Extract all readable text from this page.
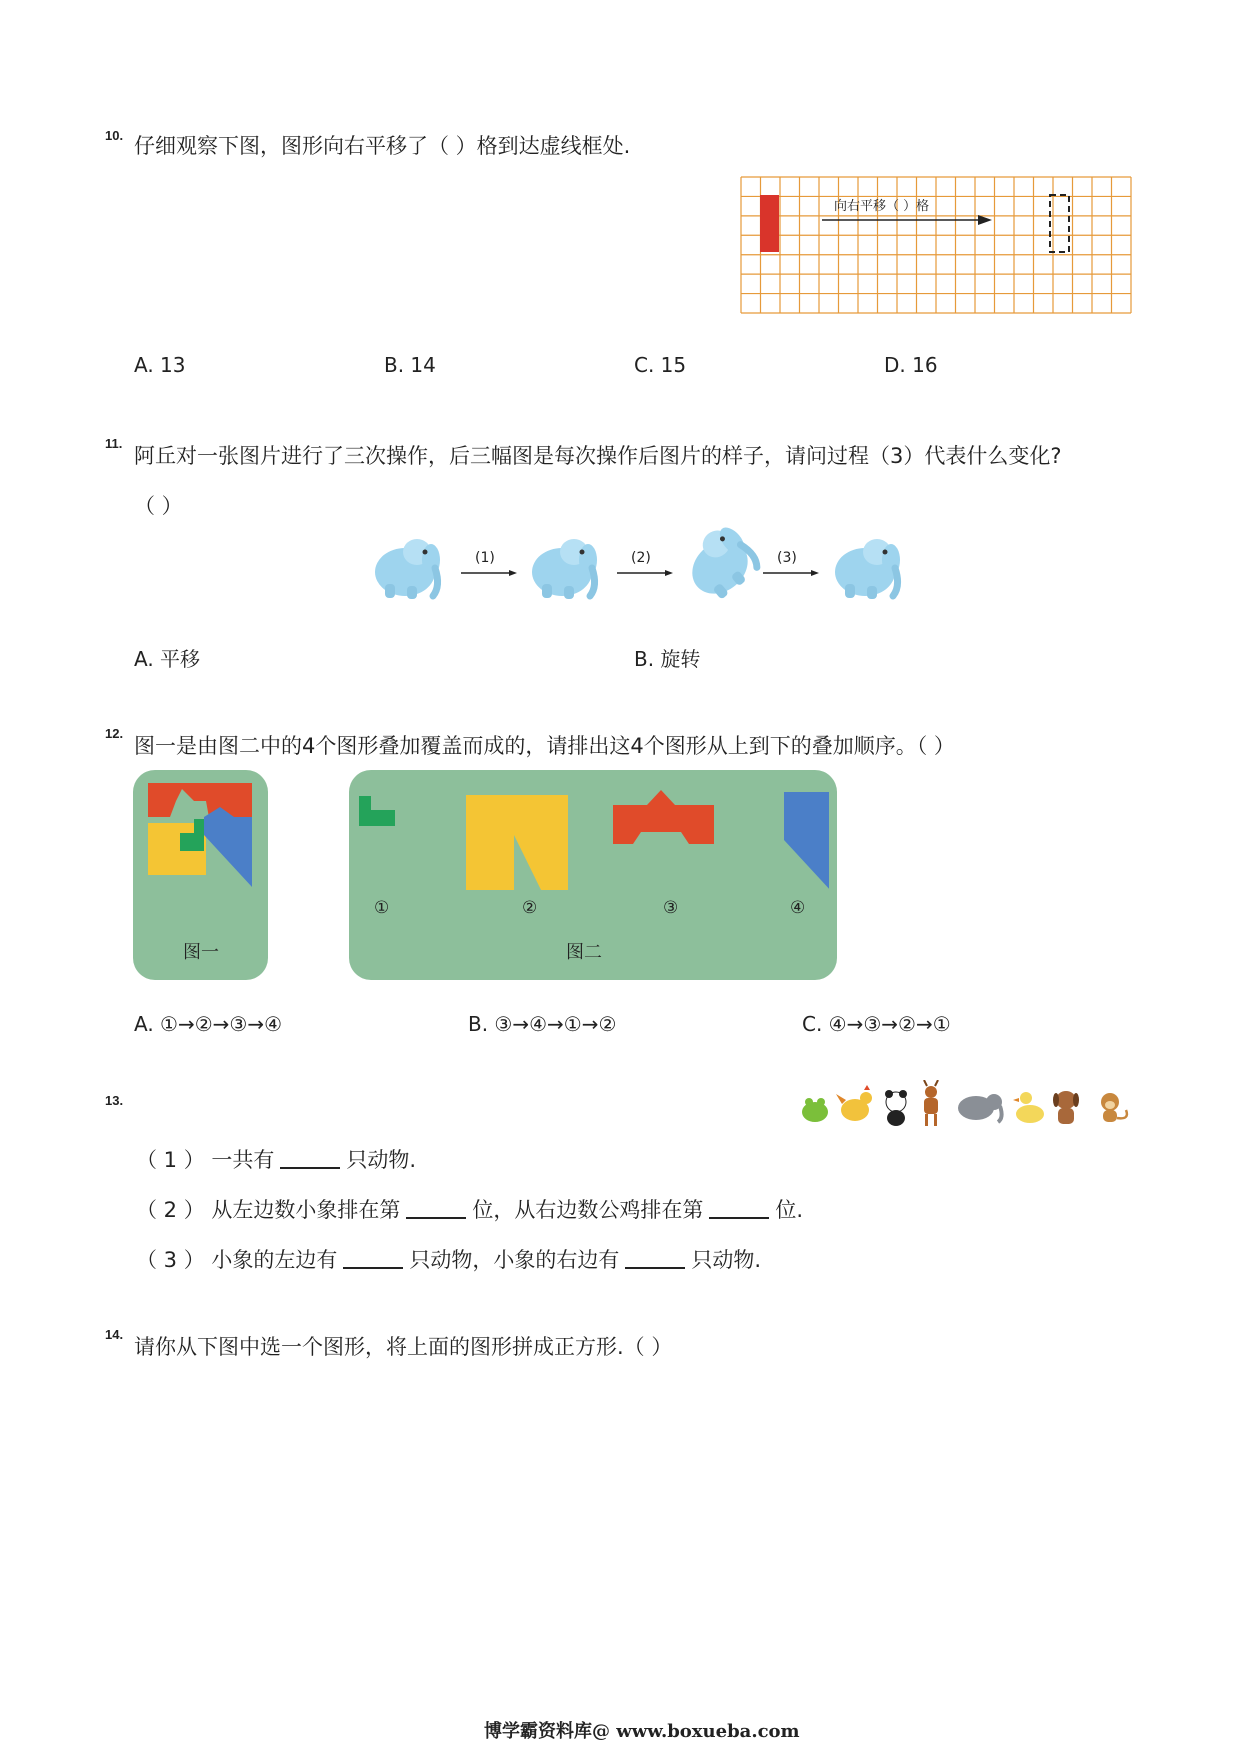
10. 仔细观察下图，图形向右平移了（ ）格到达虚线框处.
向右平移（ ）格
A. 13	B. 14	C. 15	D. 16
11.
阿丘对一张图片进行了三次操作，后三幅图是每次操作后图片的样子，请问过程（3）代表什么变化?
（ ）
(1)	(2)	(3)
A. 平移	B. 旋转
12.
图一是由图二中的4个图形叠加覆盖而成的，请排出这4个图形从上到下的叠加顺序。（ ）
图一
①	②	③	④
图二
A. ①→②→③→④	B. ③→④→①→②	C. ④→③→②→①
13.
（ 1 ） 一共有	只动物.
（ 2 ） 从左边数小象排在第	位，从右边数公鸡排在第	位.
（ 3 ） 小象的左边有	只动物，小象的右边有	只动物.
14.
请你从下图中选一个图形，将上面的图形拼成正方形.（ ）
博学霸资料库@ www.boxueba.com
